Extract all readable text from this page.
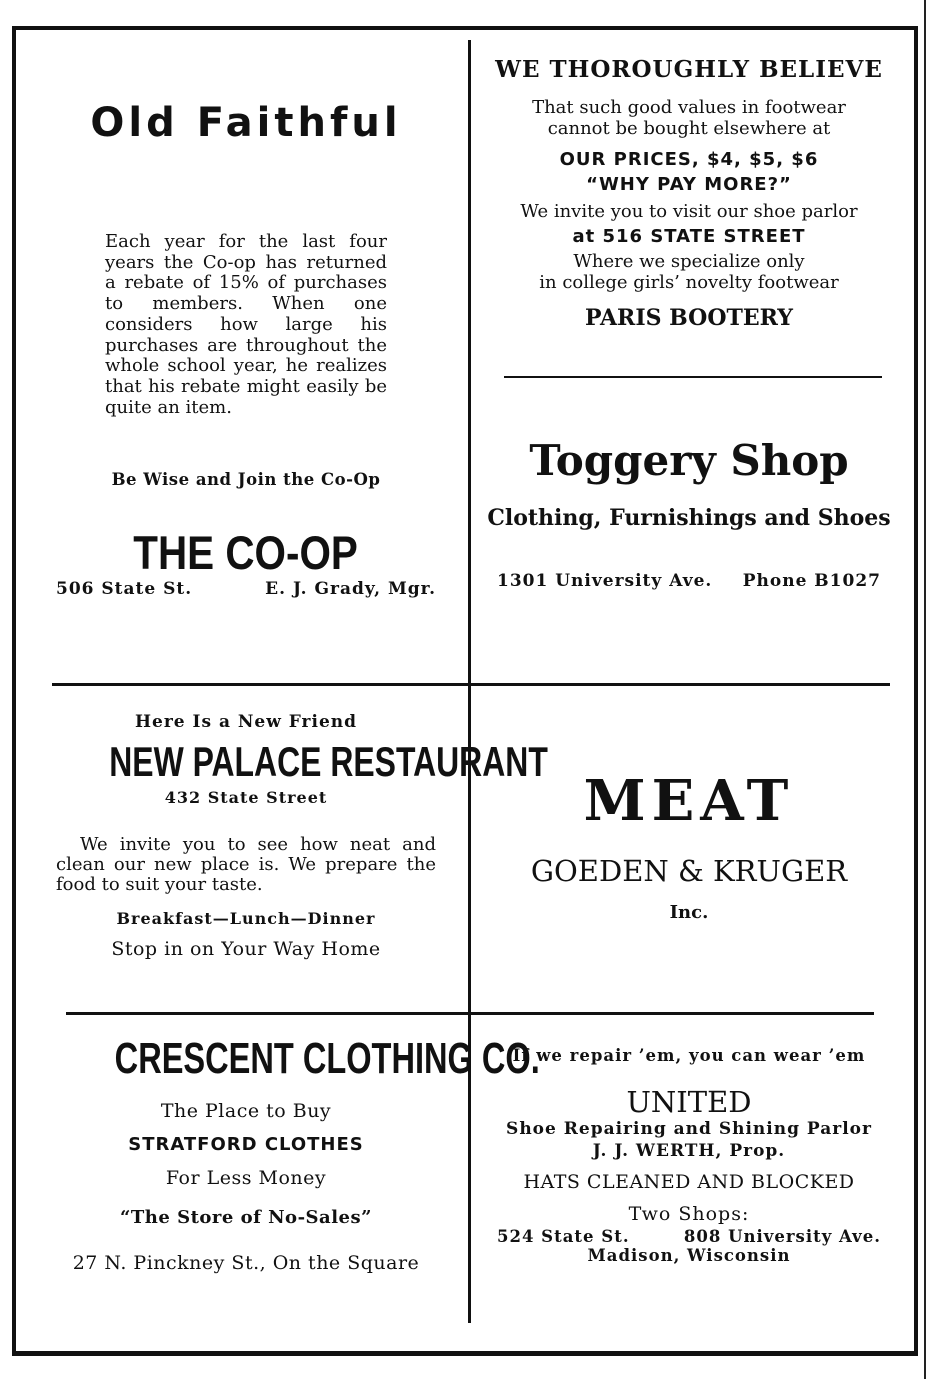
Old Faithful
Each year for the last four years the Co-op has returned a rebate of 15% of purchases to members. When one considers how large his purchases are throughout the whole school year, he realizes that his rebate might easily be quite an item.
Be Wise and Join the Co-Op
THE CO-OP
506 State St.	E. J. Grady, Mgr.
WE THOROUGHLY BELIEVE
That such good values in footwear
cannot be bought elsewhere at
OUR PRICES, $4, $5, $6
“WHY PAY MORE?”
We invite you to visit our shoe parlor
at 516 STATE STREET
Where we specialize only
in college girls’ novelty footwear
PARIS BOOTERY
Toggery Shop
Clothing, Furnishings and Shoes
1301 University Ave. Phone B1027
Here Is a New Friend
NEW PALACE RESTAURANT
432 State Street
We invite you to see how neat and clean our new place is. We prepare the food to suit your taste.
Breakfast—Lunch—Dinner
Stop in on Your Way Home
MEAT
GOEDEN & KRUGER
Inc.
CRESCENT CLOTHING CO.
The Place to Buy
STRATFORD CLOTHES
For Less Money
“The Store of No-Sales”
27 N. Pinckney St., On the Square
If we repair ’em, you can wear ’em
UNITED
Shoe Repairing and Shining Parlor
J. J. WERTH, Prop.
HATS CLEANED AND BLOCKED
Two Shops:
524 State St.	808 University Ave.
Madison, Wisconsin
